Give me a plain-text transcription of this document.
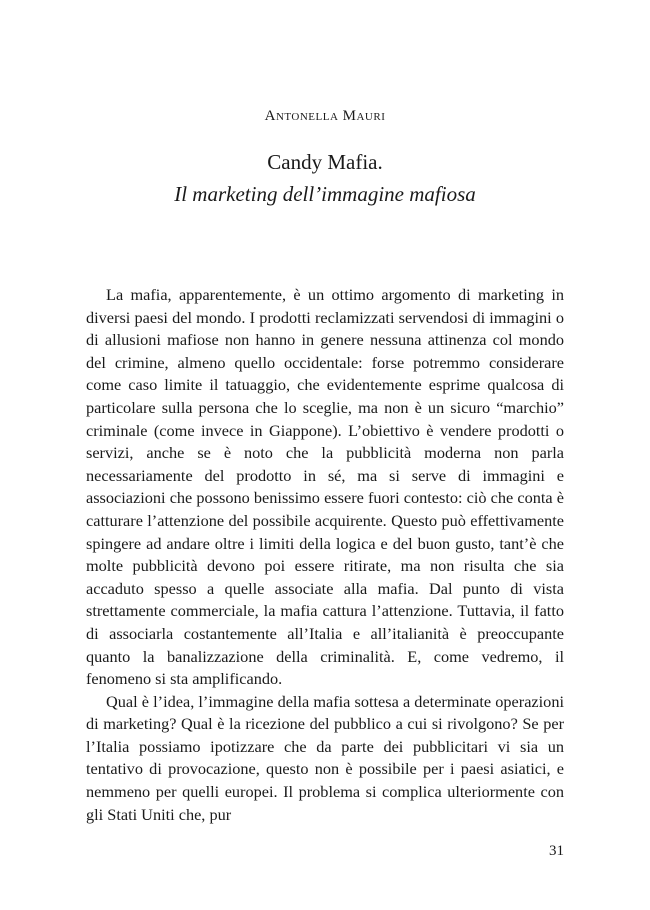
Antonella Mauri
Candy Mafia.
Il marketing dell’immagine mafiosa

La mafia, apparentemente, è un ottimo argomento di marketing in diversi paesi del mondo. I prodotti reclamizzati servendosi di immagini o di allusioni mafiose non hanno in genere nessuna attinenza col mondo del crimine, almeno quello occidentale: forse potremmo considerare come caso limite il tatuaggio, che evidentemente esprime qualcosa di particolare sulla persona che lo sceglie, ma non è un sicuro “marchio” criminale (come invece in Giappone). L’obiettivo è vendere prodotti o servizi, anche se è noto che la pubblicità moderna non parla necessariamente del prodotto in sé, ma si serve di immagini e associazioni che possono benissimo essere fuori contesto: ciò che conta è catturare l’attenzione del possibile acquirente. Questo può effettivamente spingere ad andare oltre i limiti della logica e del buon gusto, tant’è che molte pubblicità devono poi essere ritirate, ma non risulta che sia accaduto spesso a quelle associate alla mafia. Dal punto di vista strettamente commerciale, la mafia cattura l’attenzione. Tuttavia, il fatto di associarla costantemente all’Italia e all’italianità è preoccupante quanto la banalizzazione della criminalità. E, come vedremo, il fenomeno si sta amplificando.

Qual è l’idea, l’immagine della mafia sottesa a determinate operazioni di marketing? Qual è la ricezione del pubblico a cui si rivolgono? Se per l’Italia possiamo ipotizzare che da parte dei pubblicitari vi sia un tentativo di provocazione, questo non è possibile per i paesi asiatici, e nemmeno per quelli europei. Il problema si complica ulteriormente con gli Stati Uniti che, pur

31
